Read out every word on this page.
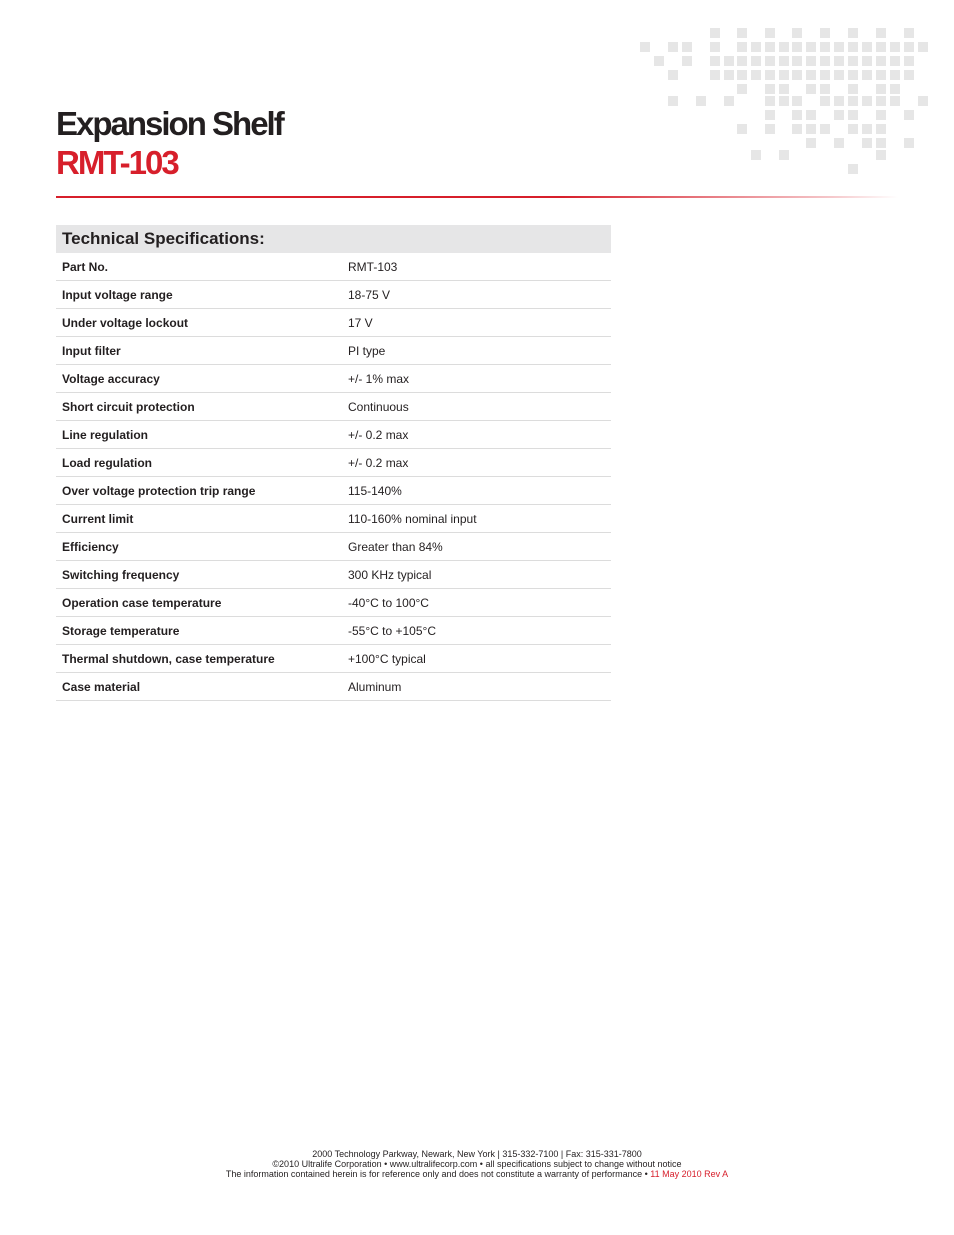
Expansion Shelf
RMT-103
Technical Specifications:
Part No.	RMT-103
Input voltage range	18-75 V
Under voltage lockout	17 V
Input filter	PI type
Voltage accuracy	+/- 1% max
Short circuit protection	Continuous
Line regulation	+/- 0.2 max
Load regulation	+/- 0.2 max
Over voltage protection trip range	115-140%
Current limit	110-160% nominal input
Efficiency	Greater than 84%
Switching frequency	300 KHz typical
Operation case temperature	-40°C to 100°C
Storage temperature	-55°C to +105°C
Thermal shutdown, case temperature	+100°C typical
Case material	Aluminum
2000 Technology Parkway, Newark, New York | 315-332-7100 | Fax: 315-331-7800
©2010 Ultralife Corporation • www.ultralifecorp.com • all specifications subject to change without notice
The information contained herein is for reference only and does not constitute a warranty of performance • 11 May 2010 Rev A
